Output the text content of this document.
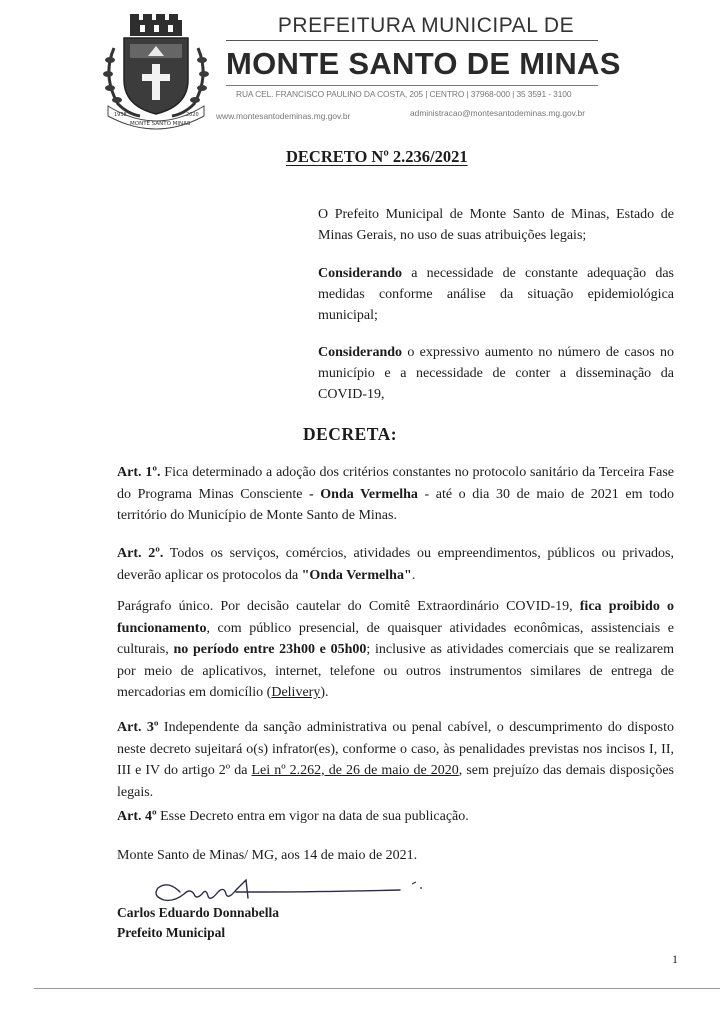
1938	2020
MONTE SANTO MINAS
PREFEITURA MUNICIPAL DE
MONTE SANTO DE MINAS
RUA CEL. FRANCISCO PAULINO DA COSTA, 205 | CENTRO | 37968-000 | 35 3591 - 3100
www.montesantodeminas.mg.gov.br	administracao@montesantodeminas.mg.gov.br
DECRETO Nº 2.236/2021
O Prefeito Municipal de Monte Santo de Minas, Estado de Minas Gerais, no uso de suas atribuições legais;
Considerando a necessidade de constante adequação das medidas conforme análise da situação epidemiológica municipal;
Considerando o expressivo aumento no número de casos no município e a necessidade de conter a disseminação da COVID-19,
DECRETA:
Art. 1º. Fica determinado a adoção dos critérios constantes no protocolo sanitário da Terceira Fase do Programa Minas Consciente - Onda Vermelha - até o dia 30 de maio de 2021 em todo território do Município de Monte Santo de Minas.
Art. 2º. Todos os serviços, comércios, atividades ou empreendimentos, públicos ou privados, deverão aplicar os protocolos da "Onda Vermelha".
Parágrafo único. Por decisão cautelar do Comitê Extraordinário COVID-19, fica proibido o funcionamento, com público presencial, de quaisquer atividades econômicas, assistenciais e culturais, no período entre 23h00 e 05h00; inclusive as atividades comerciais que se realizarem por meio de aplicativos, internet, telefone ou outros instrumentos similares de entrega de mercadorias em domicílio (Delivery).
Art. 3º Independente da sanção administrativa ou penal cabível, o descumprimento do disposto neste decreto sujeitará o(s) infrator(es), conforme o caso, às penalidades previstas nos incisos I, II, III e IV do artigo 2º da Lei nº 2.262, de 26 de maio de 2020, sem prejuízo das demais disposições legais.
Art. 4º Esse Decreto entra em vigor na data de sua publicação.
Monte Santo de Minas/ MG, aos 14 de maio de 2021.
Carlos Eduardo Donnabella
Prefeito Municipal
1
